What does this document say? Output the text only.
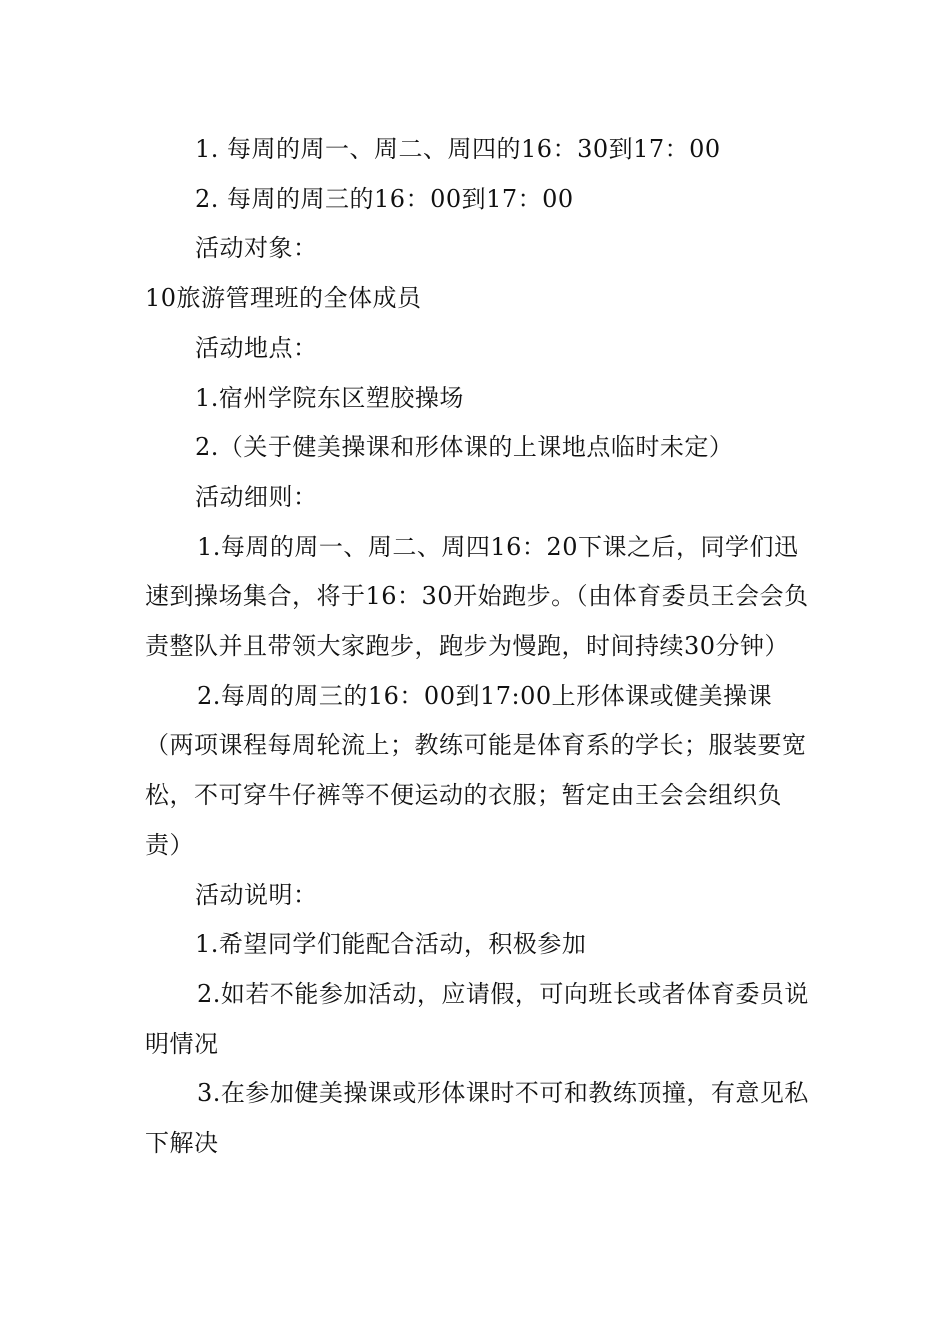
1. 每周的周一、周二、周四的16：30到17：00

2. 每周的周三的16：00到17：00

活动对象：

10旅游管理班的全体成员

活动地点：

1.宿州学院东区塑胶操场

2.（关于健美操课和形体课的上课地点临时未定）

活动细则：

1.每周的周一、周二、周四16：20下课之后，同学们迅速到操场集合，将于16：30开始跑步。（由体育委员王会会负责整队并且带领大家跑步，跑步为慢跑，时间持续30分钟）

2.每周的周三的16：00到17:00上形体课或健美操课（两项课程每周轮流上；教练可能是体育系的学长；服装要宽松，不可穿牛仔裤等不便运动的衣服；暂定由王会会组织负责）

活动说明：

1.希望同学们能配合活动，积极参加

2.如若不能参加活动，应请假，可向班长或者体育委员说明情况

3.在参加健美操课或形体课时不可和教练顶撞，有意见私下解决
